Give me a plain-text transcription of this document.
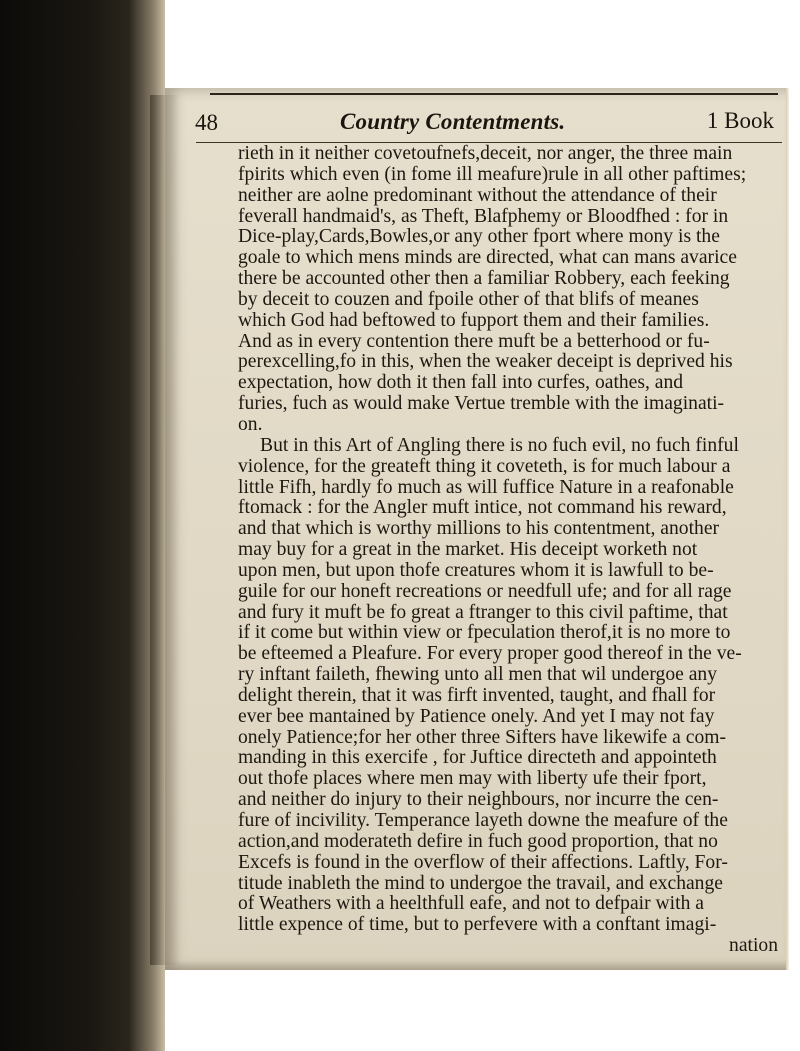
48	Country Contentments.	1 Book
rieth in it neither covetoufnefs,deceit, nor anger, the three main
fpirits which even (in fome ill meafure)rule in all other paftimes;
neither are aolne predominant without the attendance of their
feverall handmaid's, as Theft, Blafphemy or Bloodfhed : for in
Dice-play,Cards,Bowles,or any other fport where mony is the
goale to which mens minds are directed, what can mans avarice
there be accounted other then a familiar Robbery, each feeking
by deceit to couzen and fpoile other of that blifs of meanes
which God had beftowed to fupport them and their families.
And as in every contention there muft be a betterhood or fu-
perexcelling,fo in this, when the weaker deceipt is deprived his
expectation, how doth it then fall into curfes, oathes, and
furies, fuch as would make Vertue tremble with the imaginati-
on.
But in this Art of Angling there is no fuch evil, no fuch finful
violence, for the greateft thing it coveteth, is for much labour a
little Fifh, hardly fo much as will fuffice Nature in a reafonable
ftomack : for the Angler muft intice, not command his reward,
and that which is worthy millions to his contentment, another
may buy for a great in the market. His deceipt worketh not
upon men, but upon thofe creatures whom it is lawfull to be-
guile for our honeft recreations or needfull ufe; and for all rage
and fury it muft be fo great a ftranger to this civil paftime, that
if it come but within view or fpeculation therof,it is no more to
be efteemed a Pleafure. For every proper good thereof in the ve-
ry inftant faileth, fhewing unto all men that wil undergoe any
delight therein, that it was firft invented, taught, and fhall for
ever bee mantained by Patience onely. And yet I may not fay
onely Patience;for her other three Sifters have likewife a com-
manding in this exercife , for Juftice directeth and appointeth
out thofe places where men may with liberty ufe their fport,
and neither do injury to their neighbours, nor incurre the cen-
fure of incivility. Temperance layeth downe the meafure of the
action,and moderateth defire in fuch good proportion, that no
Excefs is found in the overflow of their affections. Laftly, For-
titude inableth the mind to undergoe the travail, and exchange
of Weathers with a heelthfull eafe, and not to defpair with a
little expence of time, but to perfevere with a conftant imagi-
nation
